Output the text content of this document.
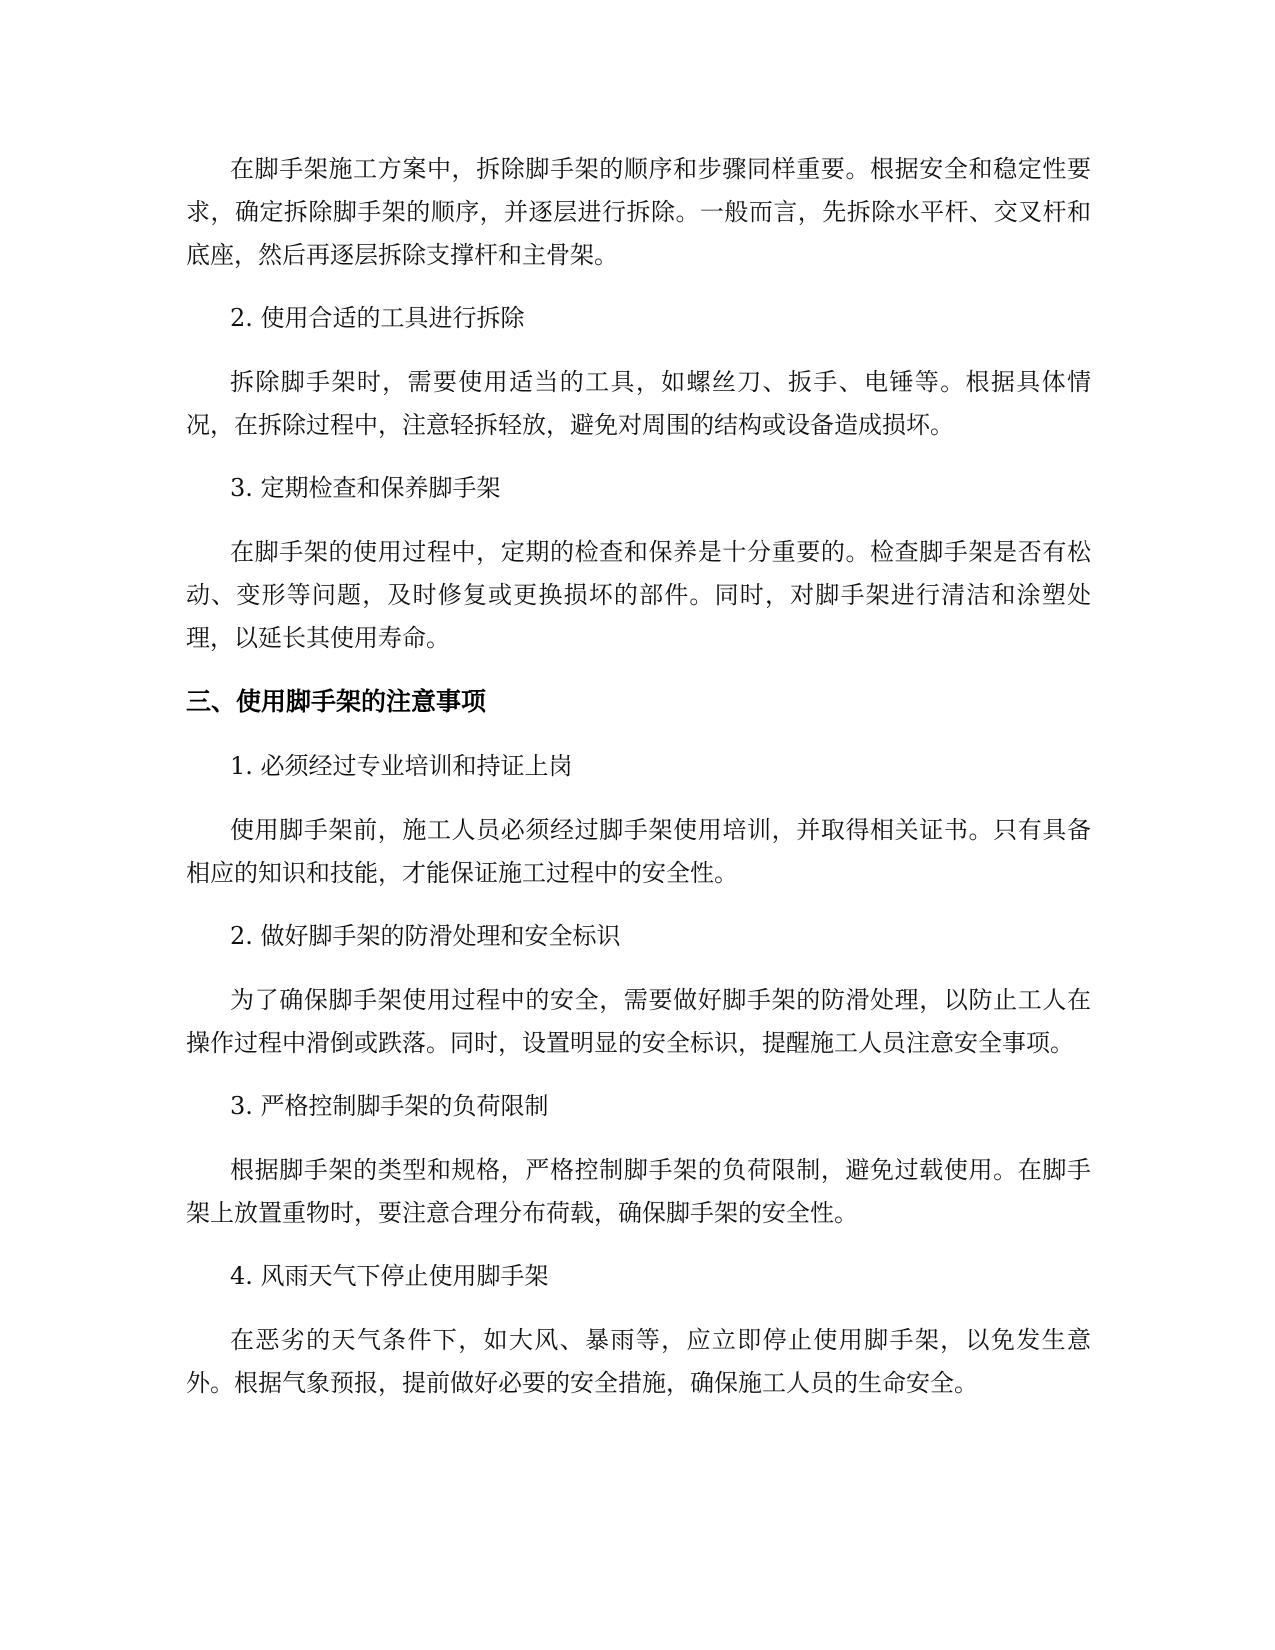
在脚手架施工方案中，拆除脚手架的顺序和步骤同样重要。根据安全和稳定性要求，确定拆除脚手架的顺序，并逐层进行拆除。一般而言，先拆除水平杆、交叉杆和底座，然后再逐层拆除支撑杆和主骨架。

2. 使用合适的工具进行拆除

拆除脚手架时，需要使用适当的工具，如螺丝刀、扳手、电锤等。根据具体情况，在拆除过程中，注意轻拆轻放，避免对周围的结构或设备造成损坏。

3. 定期检查和保养脚手架

在脚手架的使用过程中，定期的检查和保养是十分重要的。检查脚手架是否有松动、变形等问题，及时修复或更换损坏的部件。同时，对脚手架进行清洁和涂塑处理，以延长其使用寿命。

三、使用脚手架的注意事项

1. 必须经过专业培训和持证上岗

使用脚手架前，施工人员必须经过脚手架使用培训，并取得相关证书。只有具备相应的知识和技能，才能保证施工过程中的安全性。

2. 做好脚手架的防滑处理和安全标识

为了确保脚手架使用过程中的安全，需要做好脚手架的防滑处理，以防止工人在操作过程中滑倒或跌落。同时，设置明显的安全标识，提醒施工人员注意安全事项。

3. 严格控制脚手架的负荷限制

根据脚手架的类型和规格，严格控制脚手架的负荷限制，避免过载使用。在脚手架上放置重物时，要注意合理分布荷载，确保脚手架的安全性。

4. 风雨天气下停止使用脚手架

在恶劣的天气条件下，如大风、暴雨等，应立即停止使用脚手架，以免发生意外。根据气象预报，提前做好必要的安全措施，确保施工人员的生命安全。
